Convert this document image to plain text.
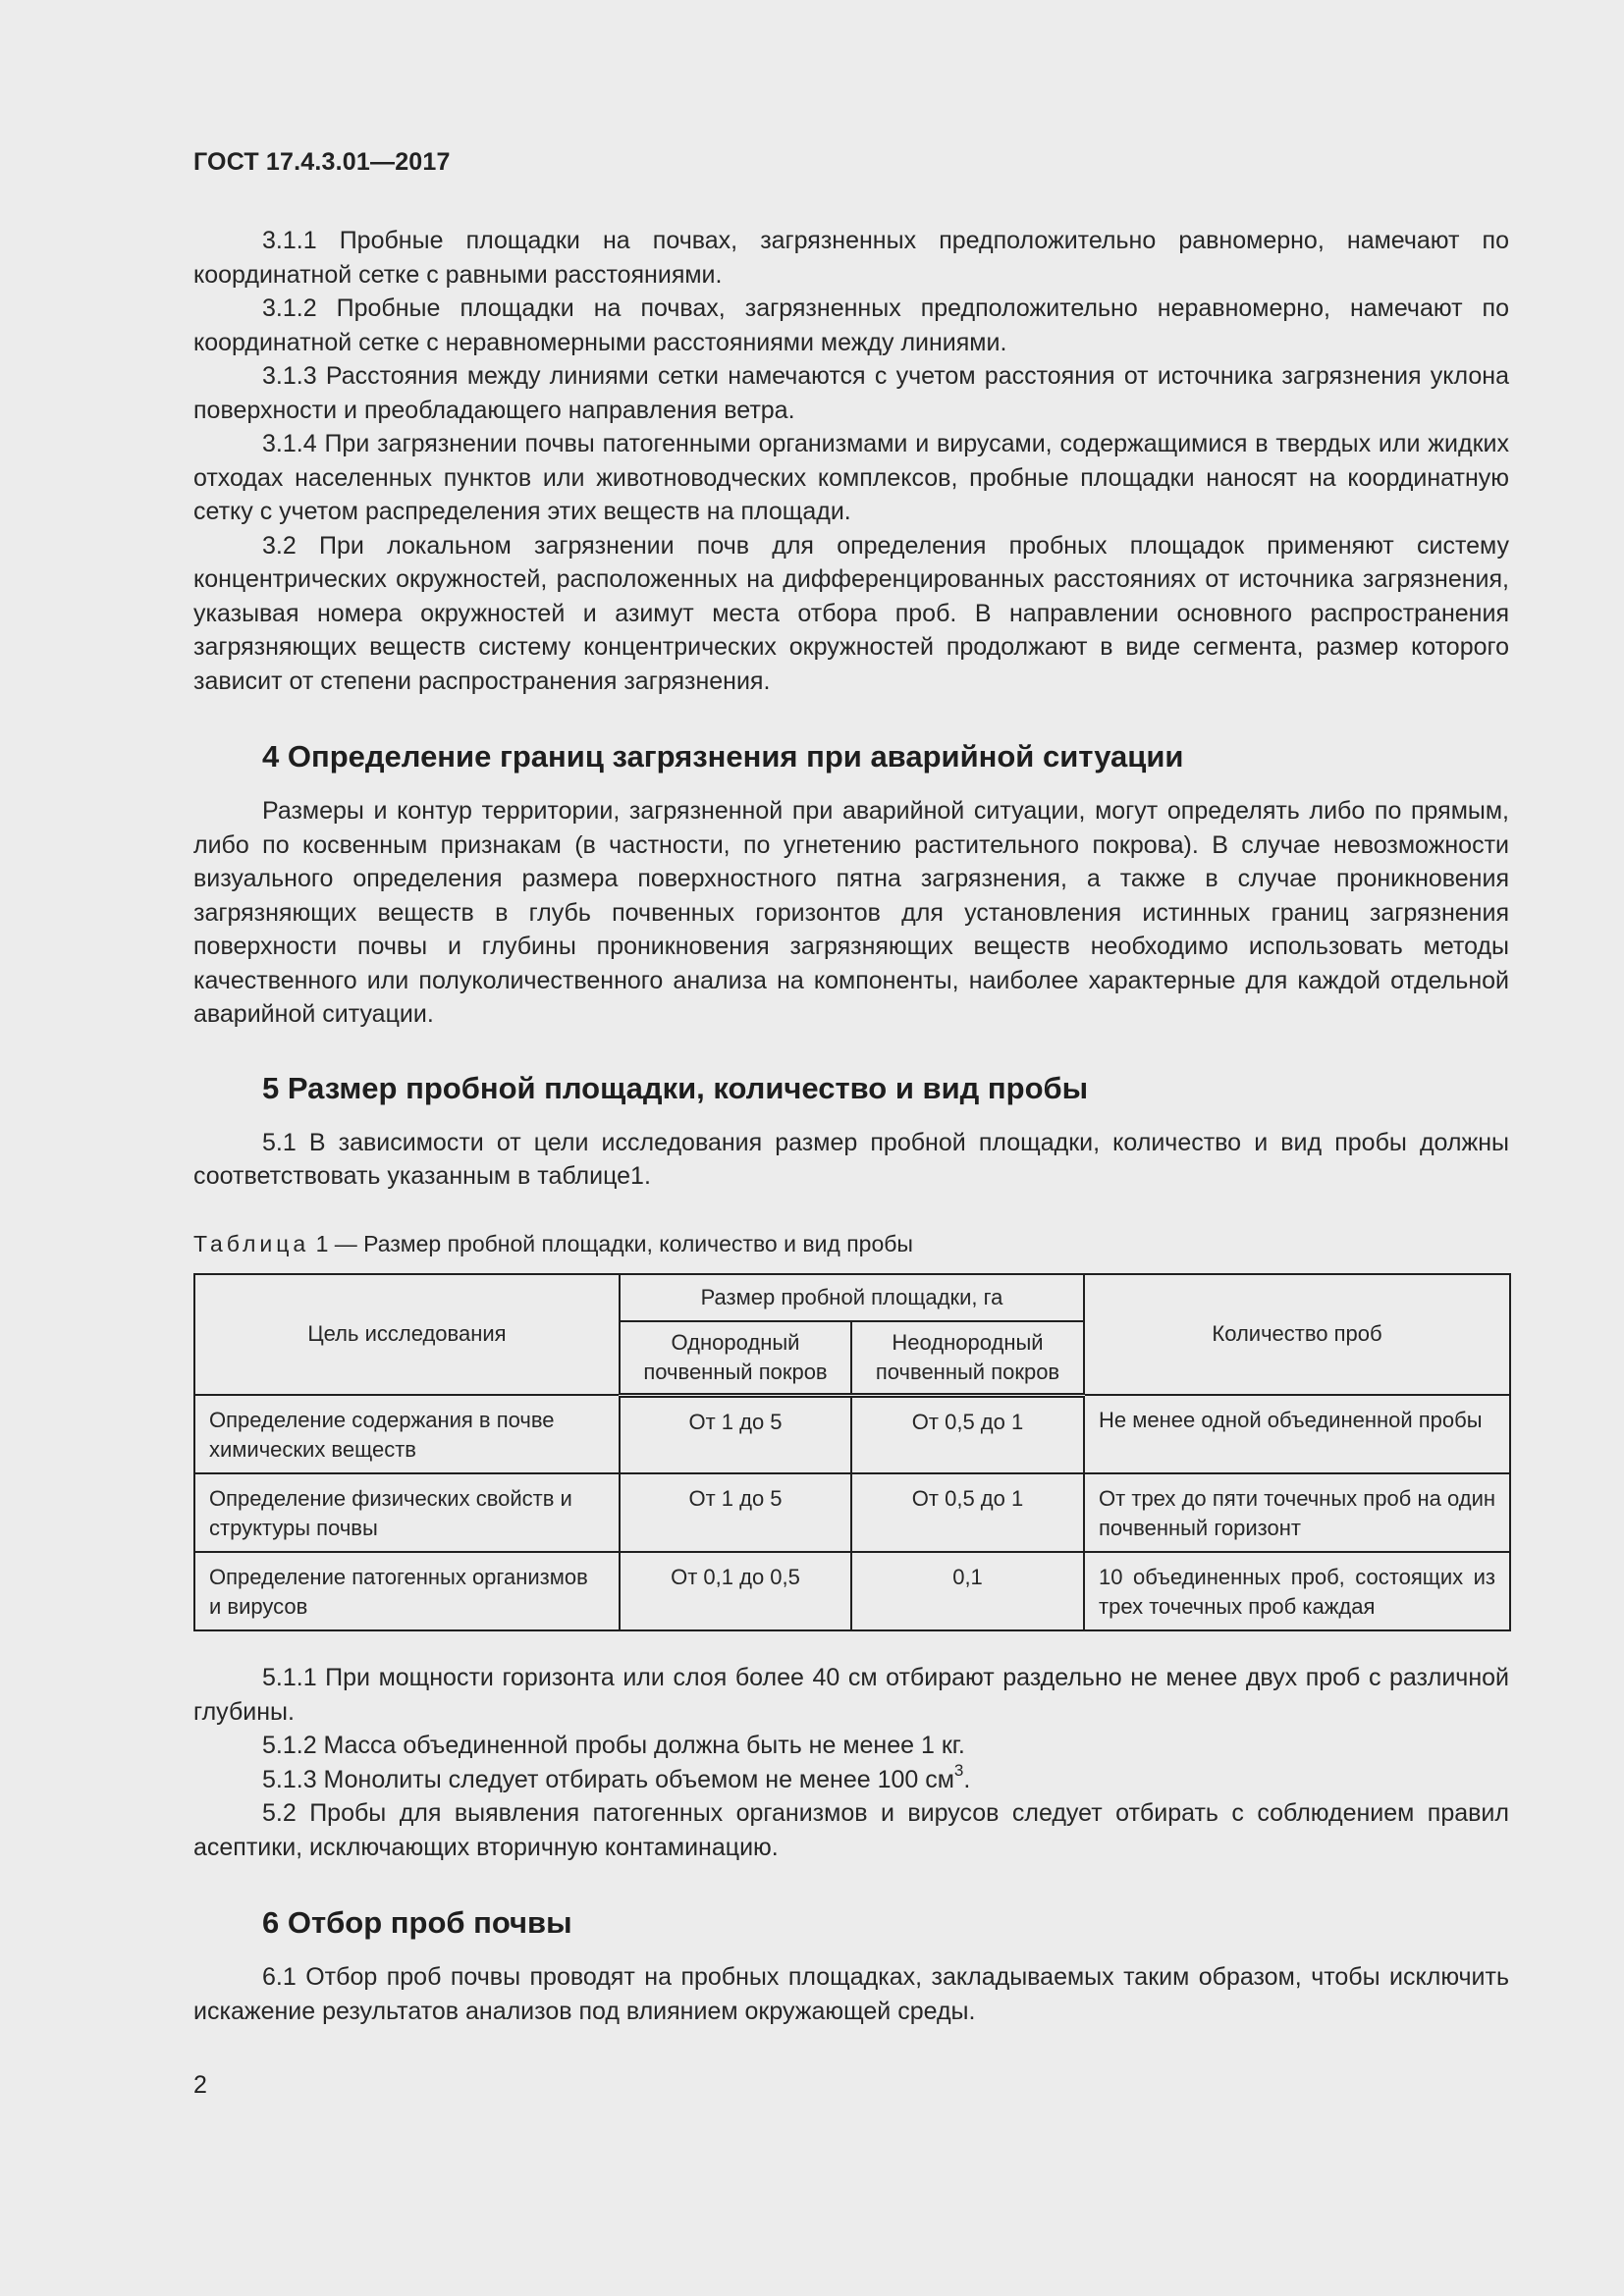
ГОСТ 17.4.3.01—2017

3.1.1 Пробные площадки на почвах, загрязненных предположительно равномерно, намечают по координатной сетке с равными расстояниями.

3.1.2 Пробные площадки на почвах, загрязненных предположительно неравномерно, намечают по координатной сетке с неравномерными расстояниями между линиями.

3.1.3 Расстояния между линиями сетки намечаются с учетом расстояния от источника загрязнения уклона поверхности и преобладающего направления ветра.

3.1.4 При загрязнении почвы патогенными организмами и вирусами, содержащимися в твердых или жидких отходах населенных пунктов или животноводческих комплексов, пробные площадки наносят на координатную сетку с учетом распределения этих веществ на площади.

3.2 При локальном загрязнении почв для определения пробных площадок применяют систему концентрических окружностей, расположенных на дифференцированных расстояниях от источника загрязнения, указывая номера окружностей и азимут места отбора проб. В направлении основного распространения загрязняющих веществ систему концентрических окружностей продолжают в виде сегмента, размер которого зависит от степени распространения загрязнения.

4 Определение границ загрязнения при аварийной ситуации

Размеры и контур территории, загрязненной при аварийной ситуации, могут определять либо по прямым, либо по косвенным признакам (в частности, по угнетению растительного покрова). В случае невозможности визуального определения размера поверхностного пятна загрязнения, а также в случае проникновения загрязняющих веществ в глубь почвенных горизонтов для установления истинных границ загрязнения поверхности почвы и глубины проникновения загрязняющих веществ необходимо использовать методы качественного или полуколичественного анализа на компоненты, наиболее характерные для каждой отдельной аварийной ситуации.

5 Размер пробной площадки, количество и вид пробы

5.1 В зависимости от цели исследования размер пробной площадки, количество и вид пробы должны соответствовать указанным в таблице1.

Таблица 1 — Размер пробной площадки, количество и вид пробы

Цель исследования	Размер пробной площадки, га		Количество проб
	Однородный почвенный покров	Неоднородный почвенный покров	
Определение содержания в почве химических веществ	От 1 до 5	От 0,5 до 1	Не менее одной объединенной пробы
Определение физических свойств и структуры почвы	От 1 до 5	От 0,5 до 1	От трех до пяти точечных проб на один почвенный горизонт
Определение патогенных организмов и вирусов	От 0,1 до 0,5	0,1	10 объединенных проб, состоящих из трех точечных проб каждая

5.1.1 При мощности горизонта или слоя более 40 см отбирают раздельно не менее двух проб с различной глубины.

5.1.2 Масса объединенной пробы должна быть не менее 1 кг.

5.1.3 Монолиты следует отбирать объемом не менее 100 $см^3$.

5.2 Пробы для выявления патогенных организмов и вирусов следует отбирать с соблюдением правил асептики, исключающих вторичную контаминацию.

6 Отбор проб почвы

6.1 Отбор проб почвы проводят на пробных площадках, закладываемых таким образом, чтобы исключить искажение результатов анализов под влиянием окружающей среды.

2
